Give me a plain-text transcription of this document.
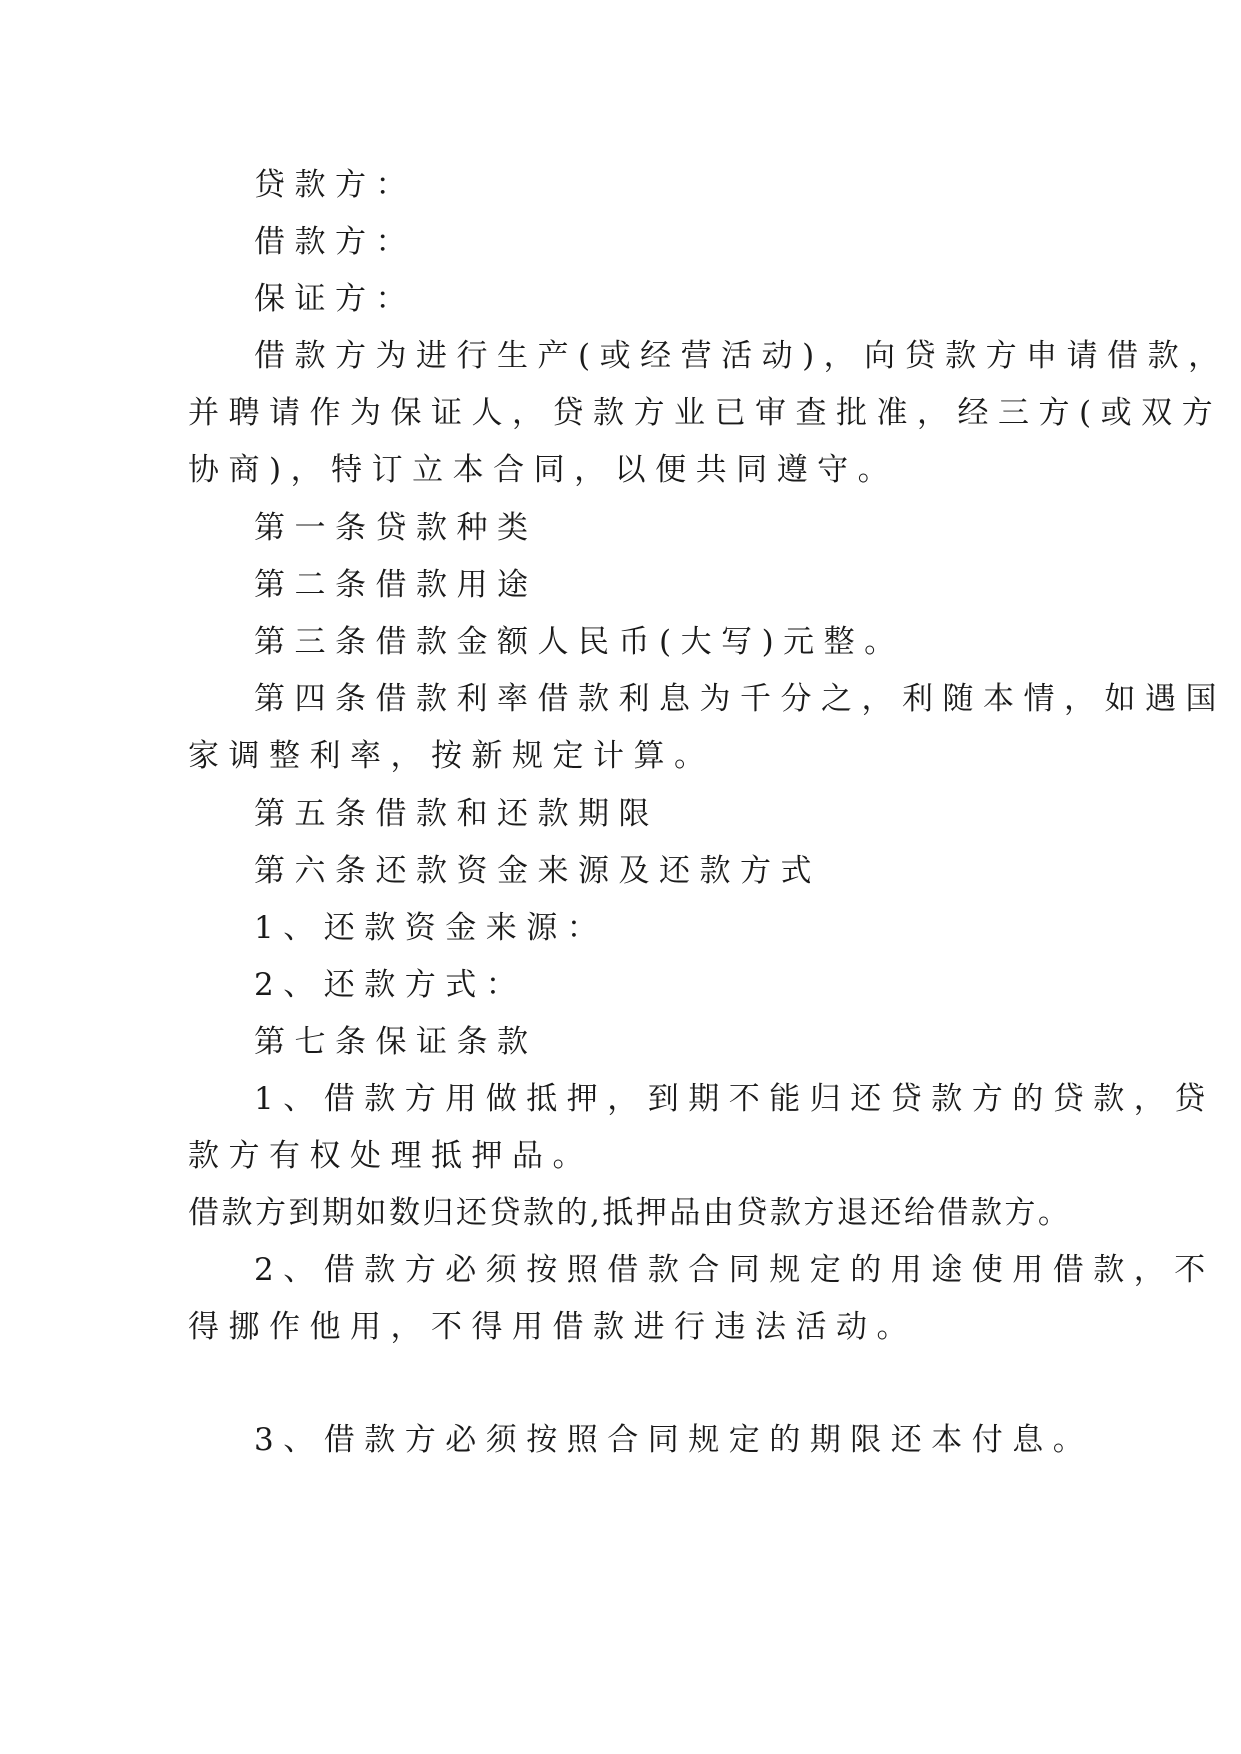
贷款方：
借款方：
保证方：
借款方为进行生产(或经营活动)，向贷款方申请借款，
并聘请作为保证人，贷款方业已审查批准，经三方(或双方
协商)，特订立本合同，以便共同遵守。
第一条贷款种类
第二条借款用途
第三条借款金额人民币(大写)元整。
第四条借款利率借款利息为千分之，利随本情，如遇国
家调整利率，按新规定计算。
第五条借款和还款期限
第六条还款资金来源及还款方式
1、还款资金来源：
2、还款方式：
第七条保证条款
1、借款方用做抵押，到期不能归还贷款方的贷款，贷
款方有权处理抵押品。
借款方到期如数归还贷款的,抵押品由贷款方退还给借款方。
2、借款方必须按照借款合同规定的用途使用借款，不
得挪作他用，不得用借款进行违法活动。
3、借款方必须按照合同规定的期限还本付息。
